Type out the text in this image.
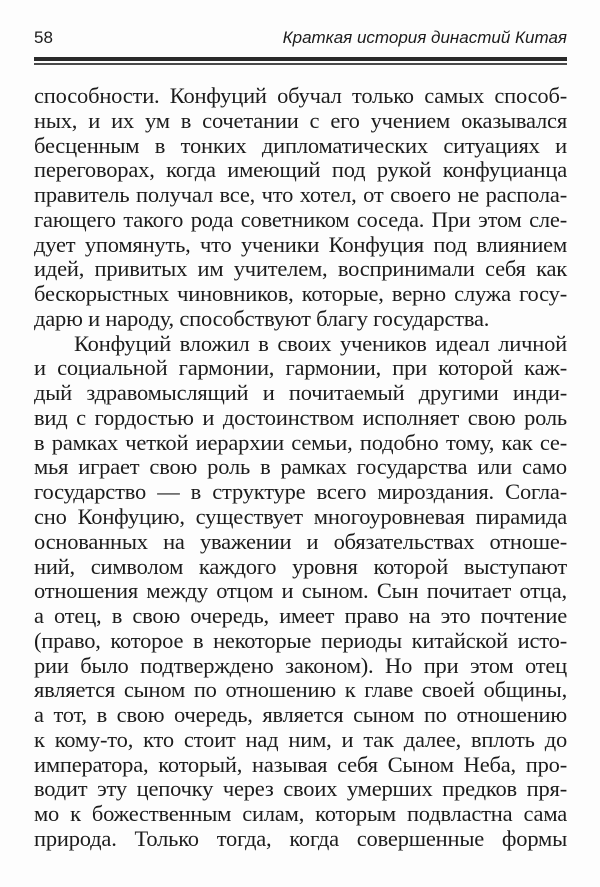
58	Краткая история династий Китая
способности. Конфуций обучал только самых способ-
ных, и их ум в сочетании с его учением оказывался
бесценным в тонких дипломатических ситуациях и
переговорах, когда имеющий под рукой конфуцианца
правитель получал все, что хотел, от своего не распола-
гающего такого рода советником соседа. При этом сле-
дует упомянуть, что ученики Конфуция под влиянием
идей, привитых им учителем, воспринимали себя как
бескорыстных чиновников, которые, верно служа госу-
дарю и народу, способствуют благу государства.
Конфуций вложил в своих учеников идеал личной
и социальной гармонии, гармонии, при которой каж-
дый здравомыслящий и почитаемый другими инди-
вид с гордостью и достоинством исполняет свою роль
в рамках четкой иерархии семьи, подобно тому, как се-
мья играет свою роль в рамках государства или само
государство — в структуре всего мироздания. Согла-
сно Конфуцию, существует многоуровневая пирамида
основанных на уважении и обязательствах отноше-
ний, символом каждого уровня которой выступают
отношения между отцом и сыном. Сын почитает отца,
а отец, в свою очередь, имеет право на это почтение
(право, которое в некоторые периоды китайской исто-
рии было подтверждено законом). Но при этом отец
является сыном по отношению к главе своей общины,
а тот, в свою очередь, является сыном по отношению
к кому-то, кто стоит над ним, и так далее, вплоть до
императора, который, называя себя Сыном Неба, про-
водит эту цепочку через своих умерших предков пря-
мо к божественным силам, которым подвластна сама
природа. Только тогда, когда совершенные формы
